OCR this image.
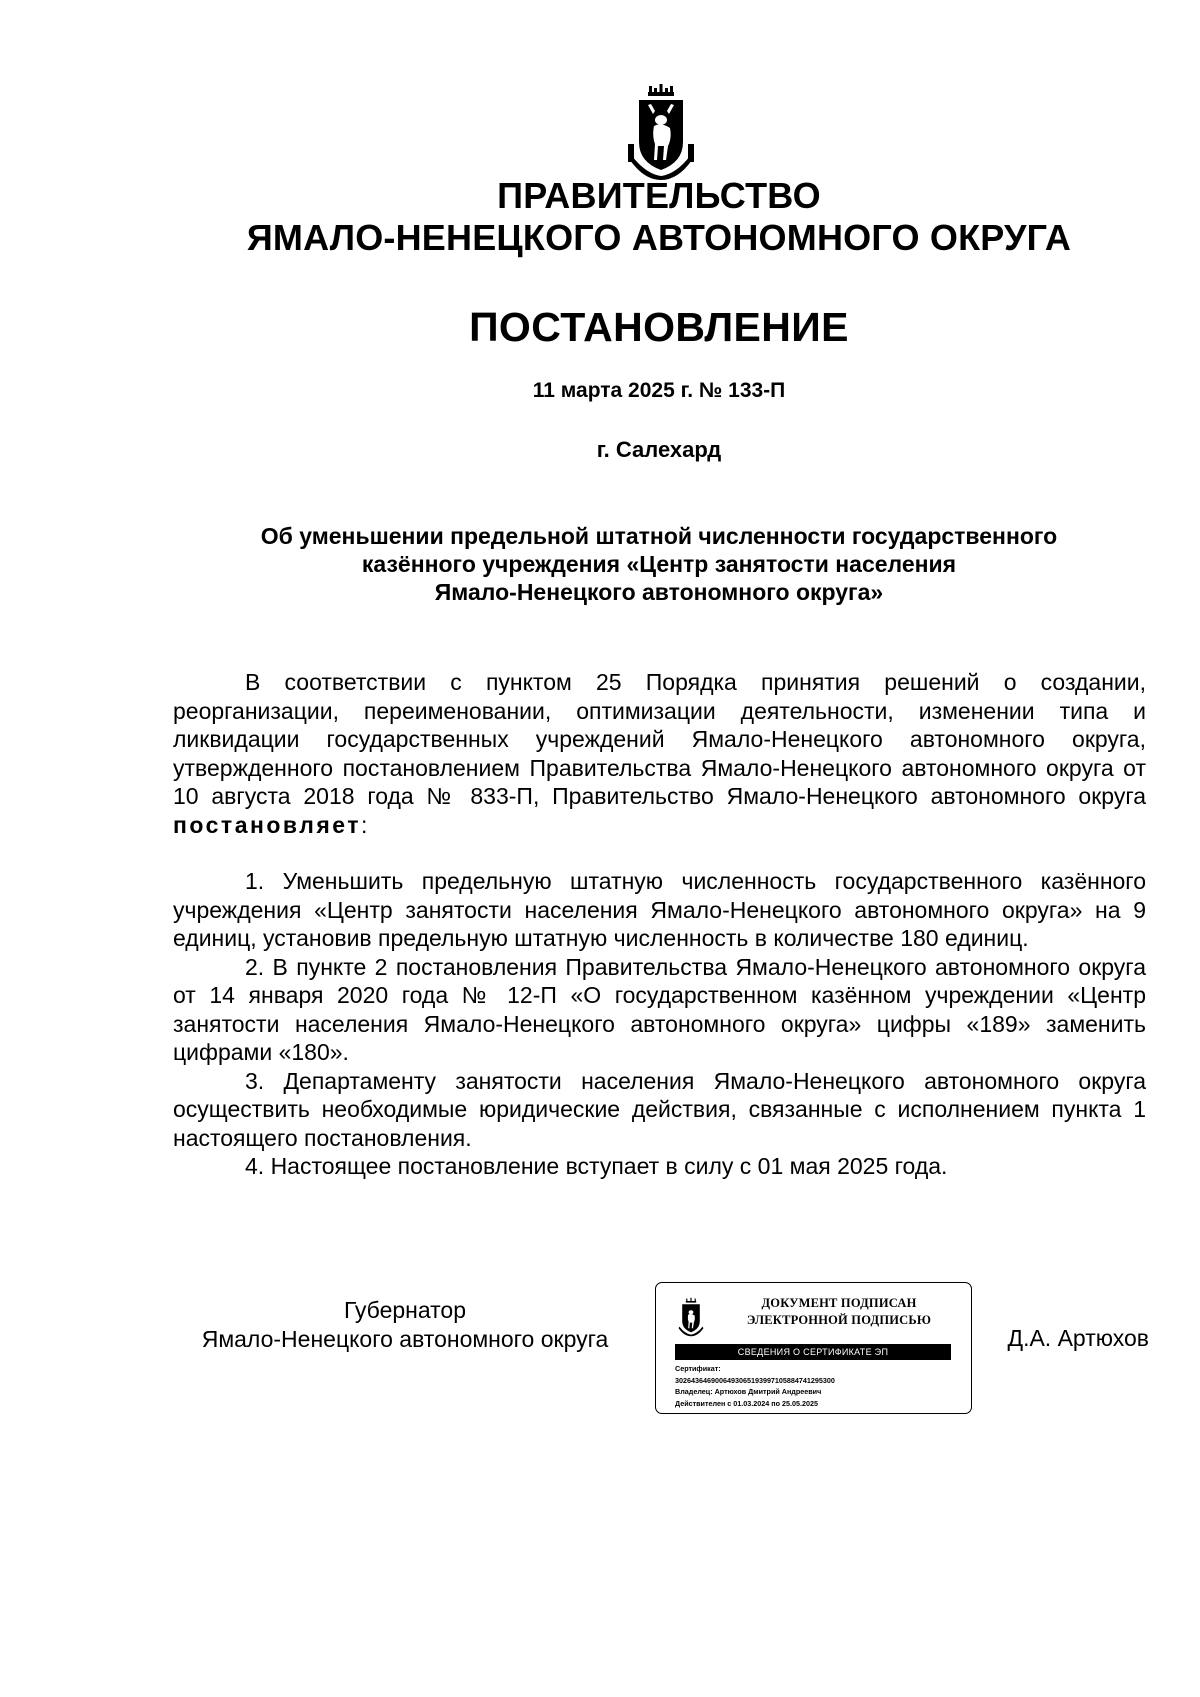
ПРАВИТЕЛЬСТВО
ЯМАЛО-НЕНЕЦКОГО АВТОНОМНОГО ОКРУГА
ПОСТАНОВЛЕНИЕ
11 марта 2025 г. № 133-П
г. Салехард
Об уменьшении предельной штатной численности государственного
казённого учреждения «Центр занятости населения
Ямало-Ненецкого автономного округа»

В соответствии с пунктом 25 Порядка принятия решений о создании, реорганизации, переименовании, оптимизации деятельности, изменении типа и ликвидации государственных учреждений Ямало-Ненецкого автономного округа, утвержденного постановлением Правительства Ямало-Ненецкого автономного округа от 10 августа 2018 года № 833-П, Правительство Ямало-Ненецкого автономного округа постановляет:

1. Уменьшить предельную штатную численность государственного казённого учреждения «Центр занятости населения Ямало-Ненецкого автономного округа» на 9 единиц, установив предельную штатную численность в количестве 180 единиц.

2. В пункте 2 постановления Правительства Ямало-Ненецкого автономного округа от 14 января 2020 года № 12-П «О государственном казённом учреждении «Центр занятости населения Ямало-Ненецкого автономного округа» цифры «189» заменить цифрами «180».

3. Департаменту занятости населения Ямало-Ненецкого автономного округа осуществить необходимые юридические действия, связанные с исполнением пункта 1 настоящего постановления.

4. Настоящее постановление вступает в силу с 01 мая 2025 года.

Губернатор
Ямало-Ненецкого автономного округа
ДОКУМЕНТ ПОДПИСАН
ЭЛЕКТРОННОЙ ПОДПИСЬЮ
СВЕДЕНИЯ О СЕРТИФИКАТЕ ЭП
Сертификат:
3026436469006493065193997105884741295300
Владелец: Артюхов Дмитрий Андреевич
Действителен с 01.03.2024 по 25.05.2025
Д.А. Артюхов
